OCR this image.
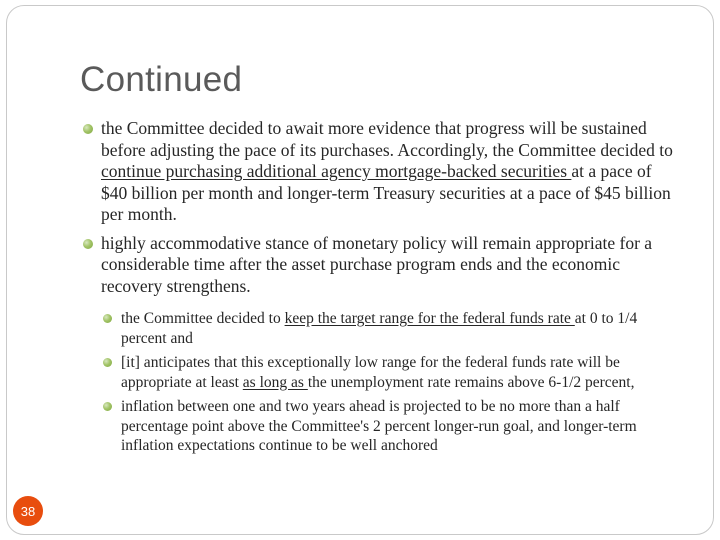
Continued
the Committee decided to await more evidence that progress will be sustained before adjusting the pace of its purchases. Accordingly, the Committee decided to continue purchasing additional agency mortgage-backed securities at a pace of $40 billion per month and longer-term Treasury securities at a pace of $45 billion per month.
highly accommodative stance of monetary policy will remain appropriate for a considerable time after the asset purchase program ends and the economic recovery strengthens.
the Committee decided to keep the target range for the federal funds rate at 0 to 1/4 percent and
[it] anticipates that this exceptionally low range for the federal funds rate will be appropriate at least as long as the unemployment rate remains above 6-1/2 percent,
inflation between one and two years ahead is projected to be no more than a half percentage point above the Committee's 2 percent longer-run goal, and longer-term inflation expectations continue to be well anchored
38
